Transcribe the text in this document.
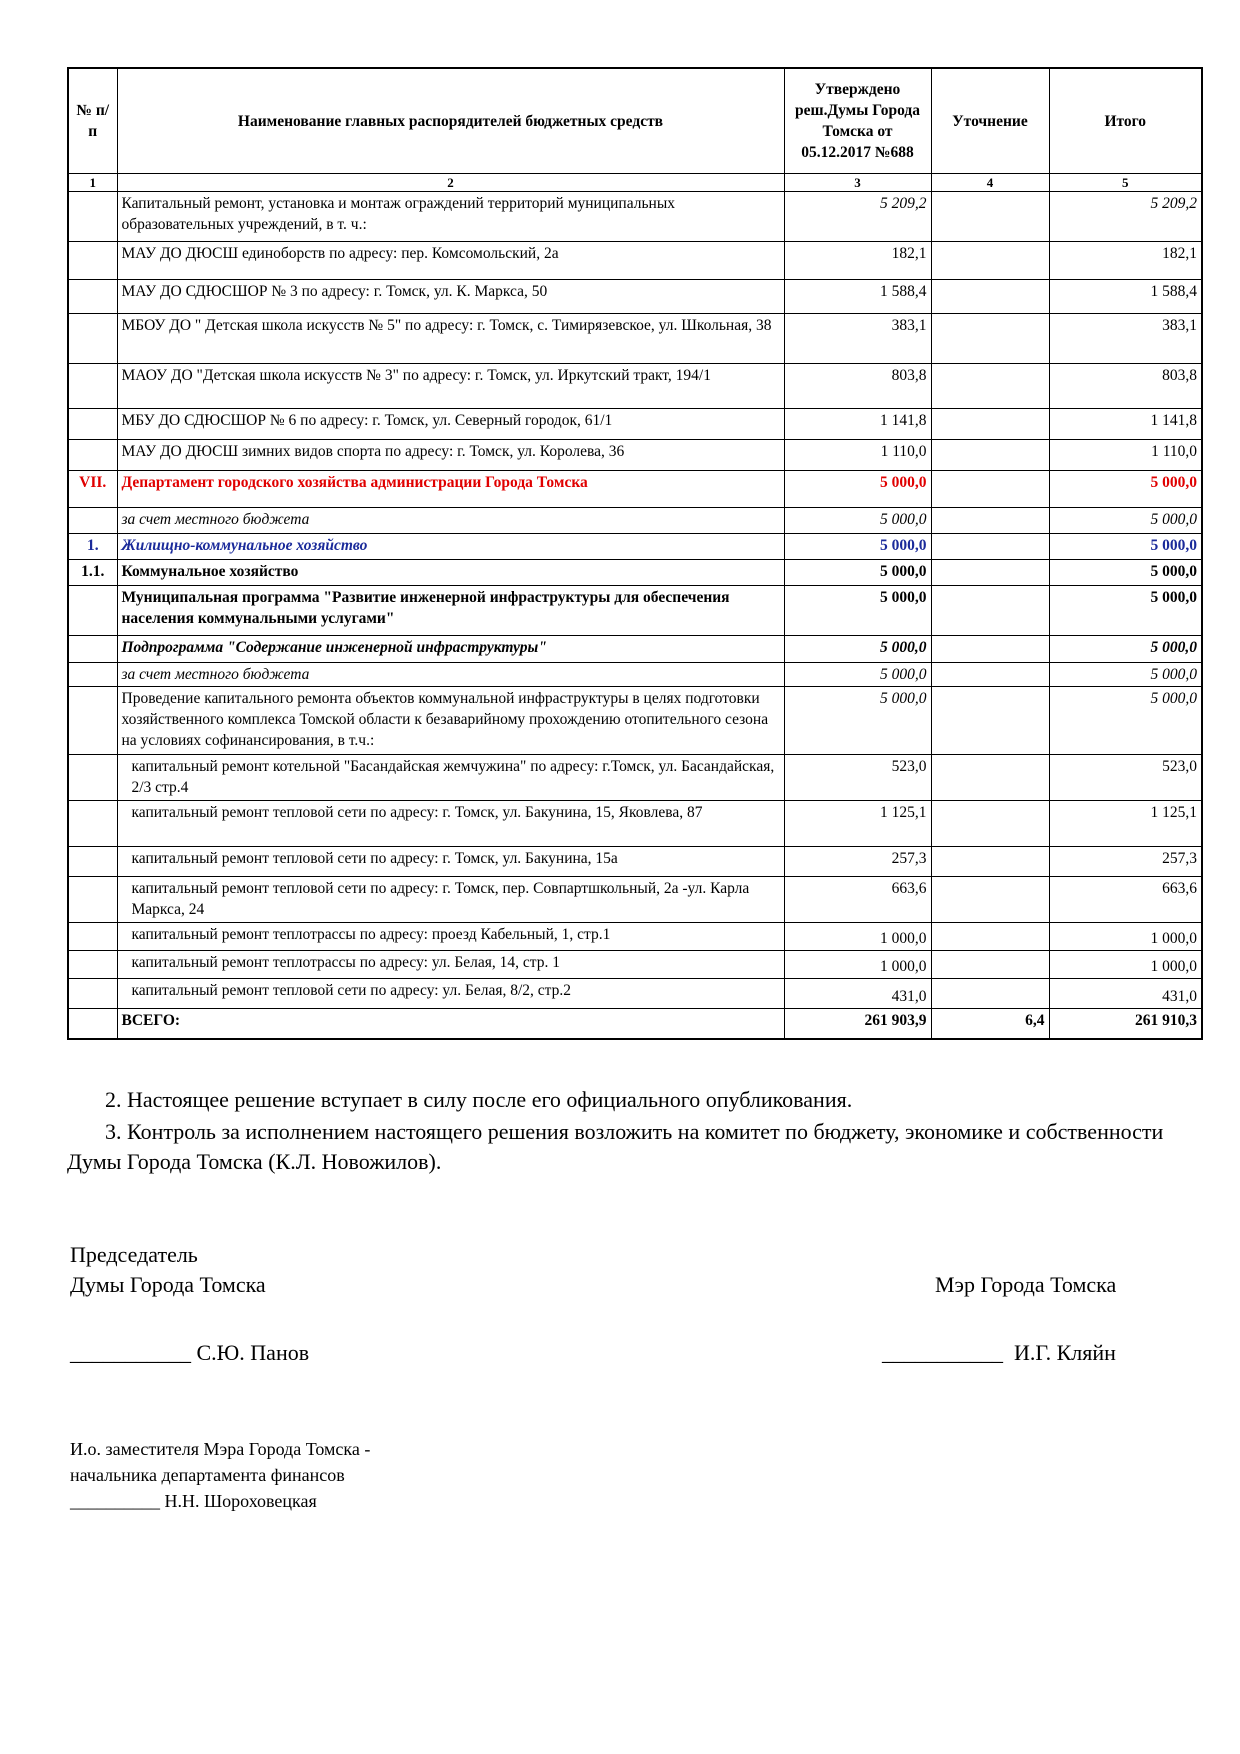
№ п/п	Наименование главных распорядителей бюджетных средств	Утверждено реш.Думы Города Томска от 05.12.2017 №688	Уточнение	Итого
1	2	3	4	5
	Капитальный ремонт, установка и монтаж ограждений территорий муниципальных образовательных учреждений, в т. ч.:	5 209,2		5 209,2
	МАУ ДО ДЮСШ единоборств по адресу: пер. Комсомольский, 2а	182,1		182,1
	МАУ ДО СДЮСШОР № 3 по адресу: г. Томск, ул. К. Маркса, 50	1 588,4		1 588,4
	МБОУ ДО " Детская школа искусств № 5" по адресу: г. Томск, с. Тимирязевское, ул. Школьная, 38	383,1		383,1
	МАОУ ДО "Детская школа искусств № 3" по адресу: г. Томск, ул. Иркутский тракт, 194/1	803,8		803,8
	МБУ ДО СДЮСШОР № 6 по адресу: г. Томск, ул. Северный городок, 61/1	1 141,8		1 141,8
	МАУ ДО ДЮСШ зимних видов спорта по адресу: г. Томск, ул. Королева, 36	1 110,0		1 110,0
VII.	Департамент городского хозяйства администрации Города Томска	5 000,0		5 000,0
	за счет местного бюджета	5 000,0		5 000,0
1.	Жилищно-коммунальное хозяйство	5 000,0		5 000,0
1.1.	Коммунальное хозяйство	5 000,0		5 000,0
	Муниципальная программа "Развитие инженерной инфраструктуры для обеспечения населения коммунальными услугами"	5 000,0		5 000,0
	Подпрограмма "Содержание инженерной инфраструктуры"	5 000,0		5 000,0
	за счет местного бюджета	5 000,0		5 000,0
	Проведение капитального ремонта объектов коммунальной инфраструктуры в целях подготовки хозяйственного комплекса Томской области к безаварийному прохождению отопительного сезона на условиях софинансирования, в т.ч.:	5 000,0		5 000,0
	капитальный ремонт котельной "Басандайская жемчужина" по адресу: г.Томск, ул. Басандайская, 2/3 стр.4	523,0		523,0
	капитальный ремонт тепловой сети по адресу: г. Томск, ул. Бакунина, 15, Яковлева, 87	1 125,1		1 125,1
	капитальный ремонт тепловой сети по адресу: г. Томск, ул. Бакунина, 15а	257,3		257,3
	капитальный ремонт тепловой сети по адресу: г. Томск, пер. Совпартшкольный, 2а -ул. Карла Маркса, 24	663,6		663,6
	капитальный ремонт теплотрассы по адресу: проезд Кабельный, 1, стр.1	1 000,0		1 000,0
	капитальный ремонт теплотрассы по адресу: ул. Белая, 14, стр. 1	1 000,0		1 000,0
	капитальный ремонт тепловой сети по адресу: ул. Белая, 8/2, стр.2	431,0		431,0
	ВСЕГО:	261 903,9	6,4	261 910,3
2. Настоящее решение вступает в силу после его официального опубликования.
3. Контроль за исполнением настоящего решения возложить на комитет по бюджету, экономике и собственности Думы Города Томска (К.Л. Новожилов).
Председатель
Думы Города Томска	Мэр Города Томска
___________ С.Ю. Панов	___________  И.Г. Кляйн
И.о. заместителя Мэра Города Томска -
начальника департамента финансов
__________ Н.Н. Шороховецкая
